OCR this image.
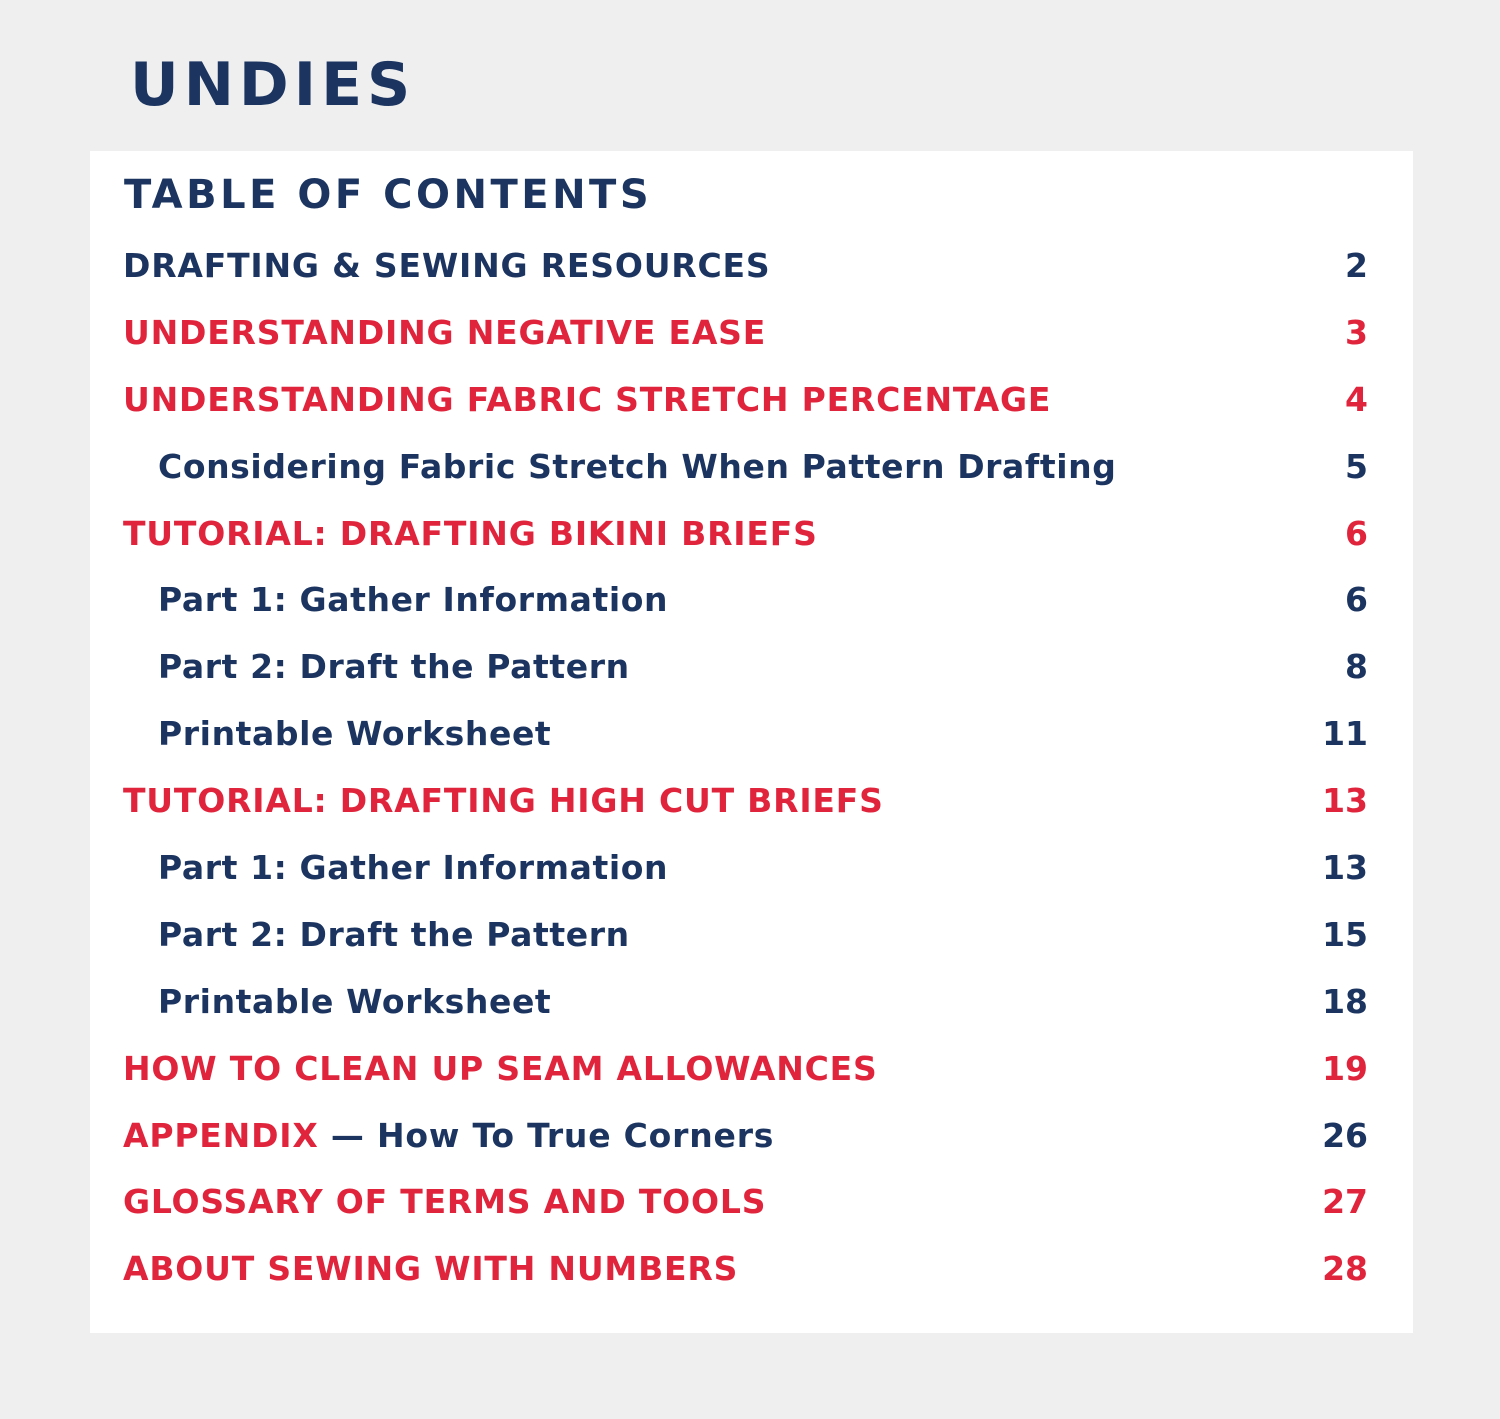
UNDIES
TABLE OF CONTENTS
DRAFTING & SEWING RESOURCES	2
UNDERSTANDING NEGATIVE EASE	3
UNDERSTANDING FABRIC STRETCH PERCENTAGE	4
Considering Fabric Stretch When Pattern Drafting	5
TUTORIAL: DRAFTING BIKINI BRIEFS	6
Part 1: Gather Information	6
Part 2: Draft the Pattern	8
Printable Worksheet	11
TUTORIAL: DRAFTING HIGH CUT BRIEFS	13
Part 1: Gather Information	13
Part 2: Draft the Pattern	15
Printable Worksheet	18
HOW TO CLEAN UP SEAM ALLOWANCES	19
APPENDIX — How To True Corners	26
GLOSSARY OF TERMS AND TOOLS	27
ABOUT SEWING WITH NUMBERS	28
